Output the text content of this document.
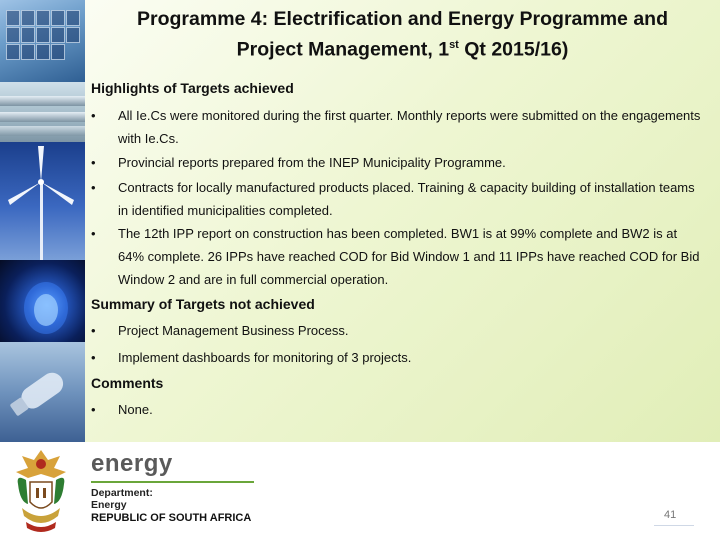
Programme 4: Electrification and Energy Programme and
Project Management, 1st Qt 2015/16)
Highlights of Targets achieved
• All Ie.Cs were monitored during the first quarter. Monthly reports were submitted on the engagements with Ie.Cs.
• Provincial reports prepared from the INEP Municipality Programme.
• Contracts for locally manufactured products placed. Training & capacity building of installation teams in identified municipalities completed.
• The 12th IPP report on construction has been completed. BW1 is at 99% complete and BW2 is at 64% complete. 26 IPPs have reached COD for Bid Window 1 and 11 IPPs have reached COD for Bid Window 2 and are in full commercial operation.
Summary of Targets not achieved
• Project Management Business Process.
• Implement dashboards for monitoring of 3 projects.
Comments
• None.
energy
Department:
Energy
REPUBLIC OF SOUTH AFRICA	41
